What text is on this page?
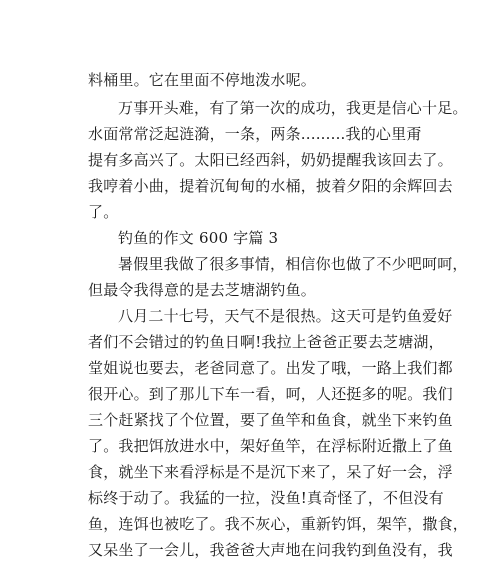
料桶里。它在里面不停地泼水呢。
万事开头难，有了第一次的成功，我更是信心十足。
水面常常泛起涟漪，一条，两条.........我的心里甭
提有多高兴了。太阳已经西斜，奶奶提醒我该回去了。
我哼着小曲，提着沉甸甸的水桶，披着夕阳的余辉回去
了。
钓鱼的作文 600 字篇 3
暑假里我做了很多事情，相信你也做了不少吧呵呵，
但最令我得意的是去芝塘湖钓鱼。
八月二十七号，天气不是很热。这天可是钓鱼爱好
者们不会错过的钓鱼日啊!我拉上爸爸正要去芝塘湖，
堂姐说也要去，老爸同意了。出发了哦，一路上我们都
很开心。到了那儿下车一看，呵，人还挺多的呢。我们
三个赶紧找了个位置，要了鱼竿和鱼食，就坐下来钓鱼
了。我把饵放进水中，架好鱼竿，在浮标附近撒上了鱼
食，就坐下来看浮标是不是沉下来了，呆了好一会，浮
标终于动了。我猛的一拉，没鱼!真奇怪了，不但没有
鱼，连饵也被吃了。我不灰心，重新钓饵，架竿，撒食，
又呆坐了一会儿，我爸爸大声地在问我钓到鱼没有，我
